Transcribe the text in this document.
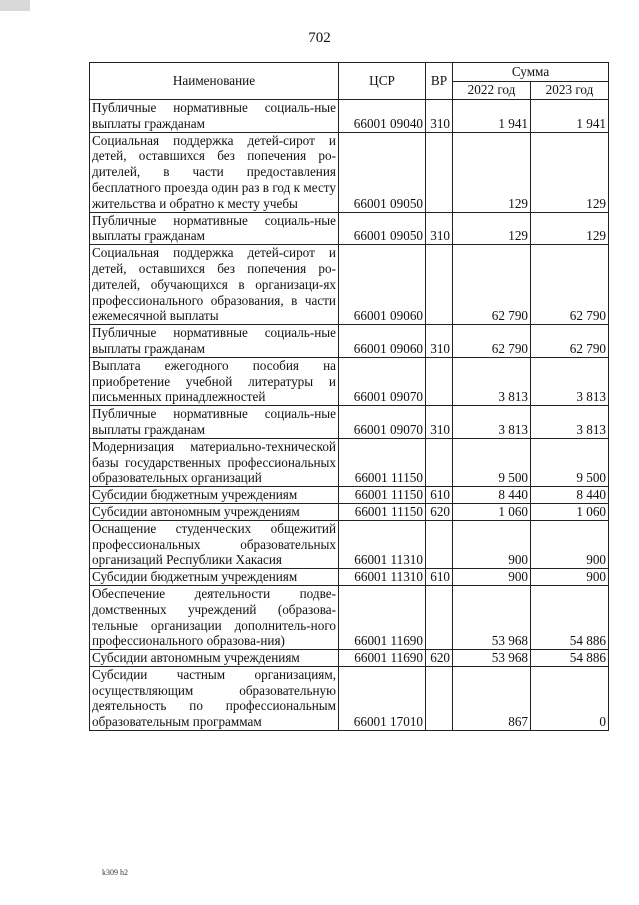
702
Наименование	ЦСР	ВР	Сумма	
			2022 год	2023 год
Публичные нормативные социаль-ные выплаты гражданам	66001 09040	310	1 941	1 941
Социальная поддержка детей-сирот и детей, оставшихся без попечения ро-дителей, в части предоставления бесплатного проезда один раз в год к месту жительства и обратно к месту учебы	66001 09050		129	129
Публичные нормативные социаль-ные выплаты гражданам	66001 09050	310	129	129
Социальная поддержка детей-сирот и детей, оставшихся без попечения ро-дителей, обучающихся в организаци-ях профессионального образования, в части ежемесячной выплаты	66001 09060		62 790	62 790
Публичные нормативные социаль-ные выплаты гражданам	66001 09060	310	62 790	62 790
Выплата ежегодного пособия на приобретение учебной литературы и письменных принадлежностей	66001 09070		3 813	3 813
Публичные нормативные социаль-ные выплаты гражданам	66001 09070	310	3 813	3 813
Модернизация материально-технической базы государственных профессиональных образовательных организаций	66001 11150		9 500	9 500
Субсидии бюджетным учреждениям	66001 11150	610	8 440	8 440
Субсидии автономным учреждениям	66001 11150	620	1 060	1 060
Оснащение студенческих общежитий профессиональных образовательных организаций Республики Хакасия	66001 11310		900	900
Субсидии бюджетным учреждениям	66001 11310	610	900	900
Обеспечение деятельности подве-домственных учреждений (образова-тельные организации дополнитель-ного профессионального образова-ния)	66001 11690		53 968	54 886
Субсидии автономным учреждениям	66001 11690	620	53 968	54 886
Субсидии частным организациям, осуществляющим образовательную деятельность по профессиональным образовательным программам	66001 17010		867	0
k309 h2
